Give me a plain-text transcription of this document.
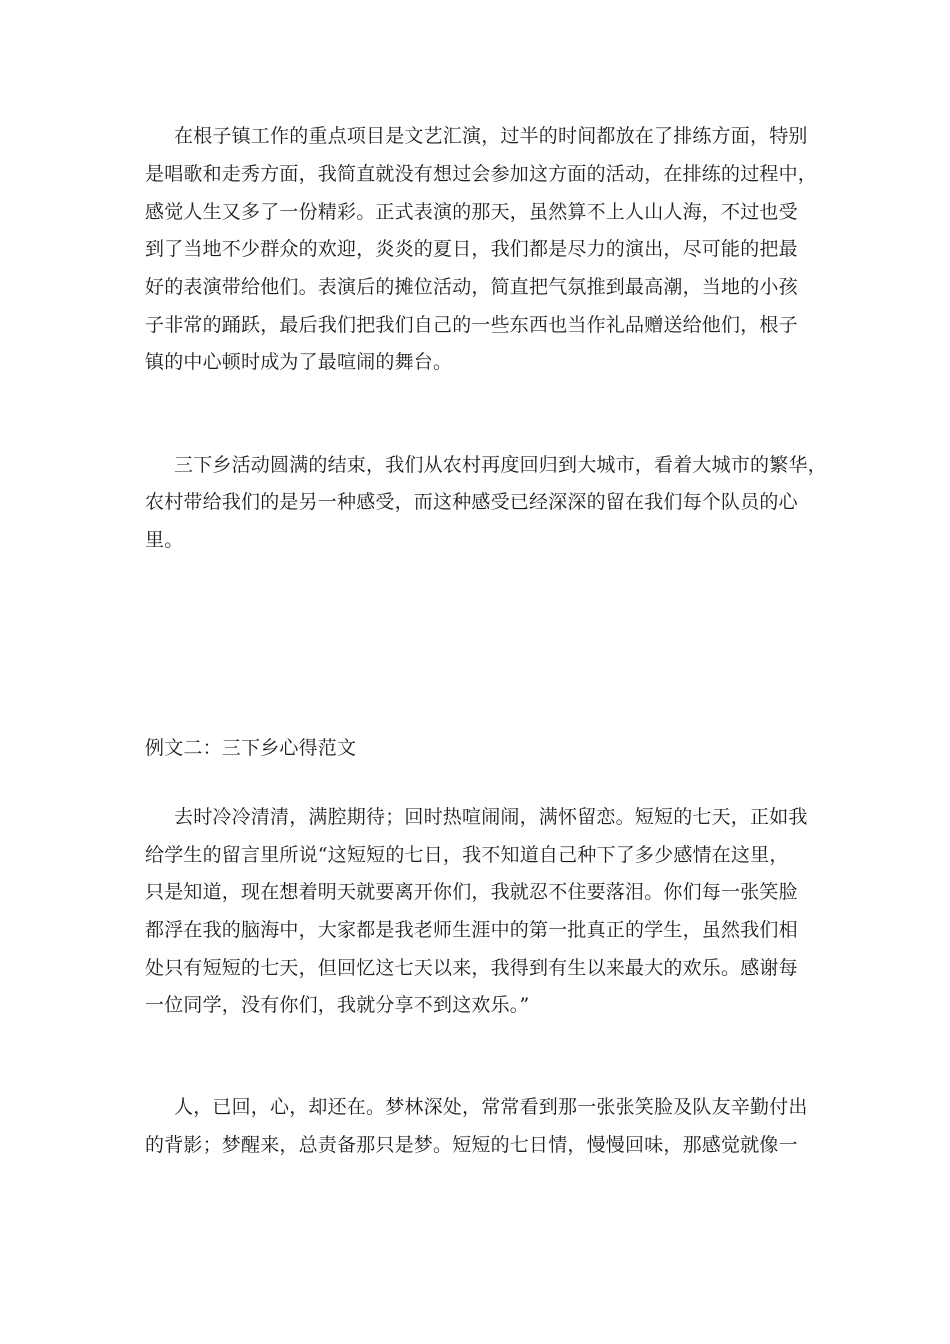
在根子镇工作的重点项目是文艺汇演，过半的时间都放在了排练方面，特别
是唱歌和走秀方面，我简直就没有想过会参加这方面的活动，在排练的过程中，
感觉人生又多了一份精彩。正式表演的那天，虽然算不上人山人海，不过也受
到了当地不少群众的欢迎，炎炎的夏日，我们都是尽力的演出，尽可能的把最
好的表演带给他们。表演后的摊位活动，简直把气氛推到最高潮，当地的小孩
子非常的踊跃，最后我们把我们自己的一些东西也当作礼品赠送给他们，根子
镇的中心顿时成为了最喧闹的舞台。
三下乡活动圆满的结束，我们从农村再度回归到大城市，看着大城市的繁华，
农村带给我们的是另一种感受，而这种感受已经深深的留在我们每个队员的心
里。
例文二：三下乡心得范文
去时冷冷清清，满腔期待；回时热喧闹闹，满怀留恋。短短的七天，正如我
给学生的留言里所说“这短短的七日，我不知道自己种下了多少感情在这里，
只是知道，现在想着明天就要离开你们，我就忍不住要落泪。你们每一张笑脸
都浮在我的脑海中，大家都是我老师生涯中的第一批真正的学生，虽然我们相
处只有短短的七天，但回忆这七天以来，我得到有生以来最大的欢乐。感谢每
一位同学，没有你们，我就分享不到这欢乐。”
人，已回，心，却还在。梦林深处，常常看到那一张张笑脸及队友辛勤付出
的背影；梦醒来，总责备那只是梦。短短的七日情，慢慢回味，那感觉就像一
